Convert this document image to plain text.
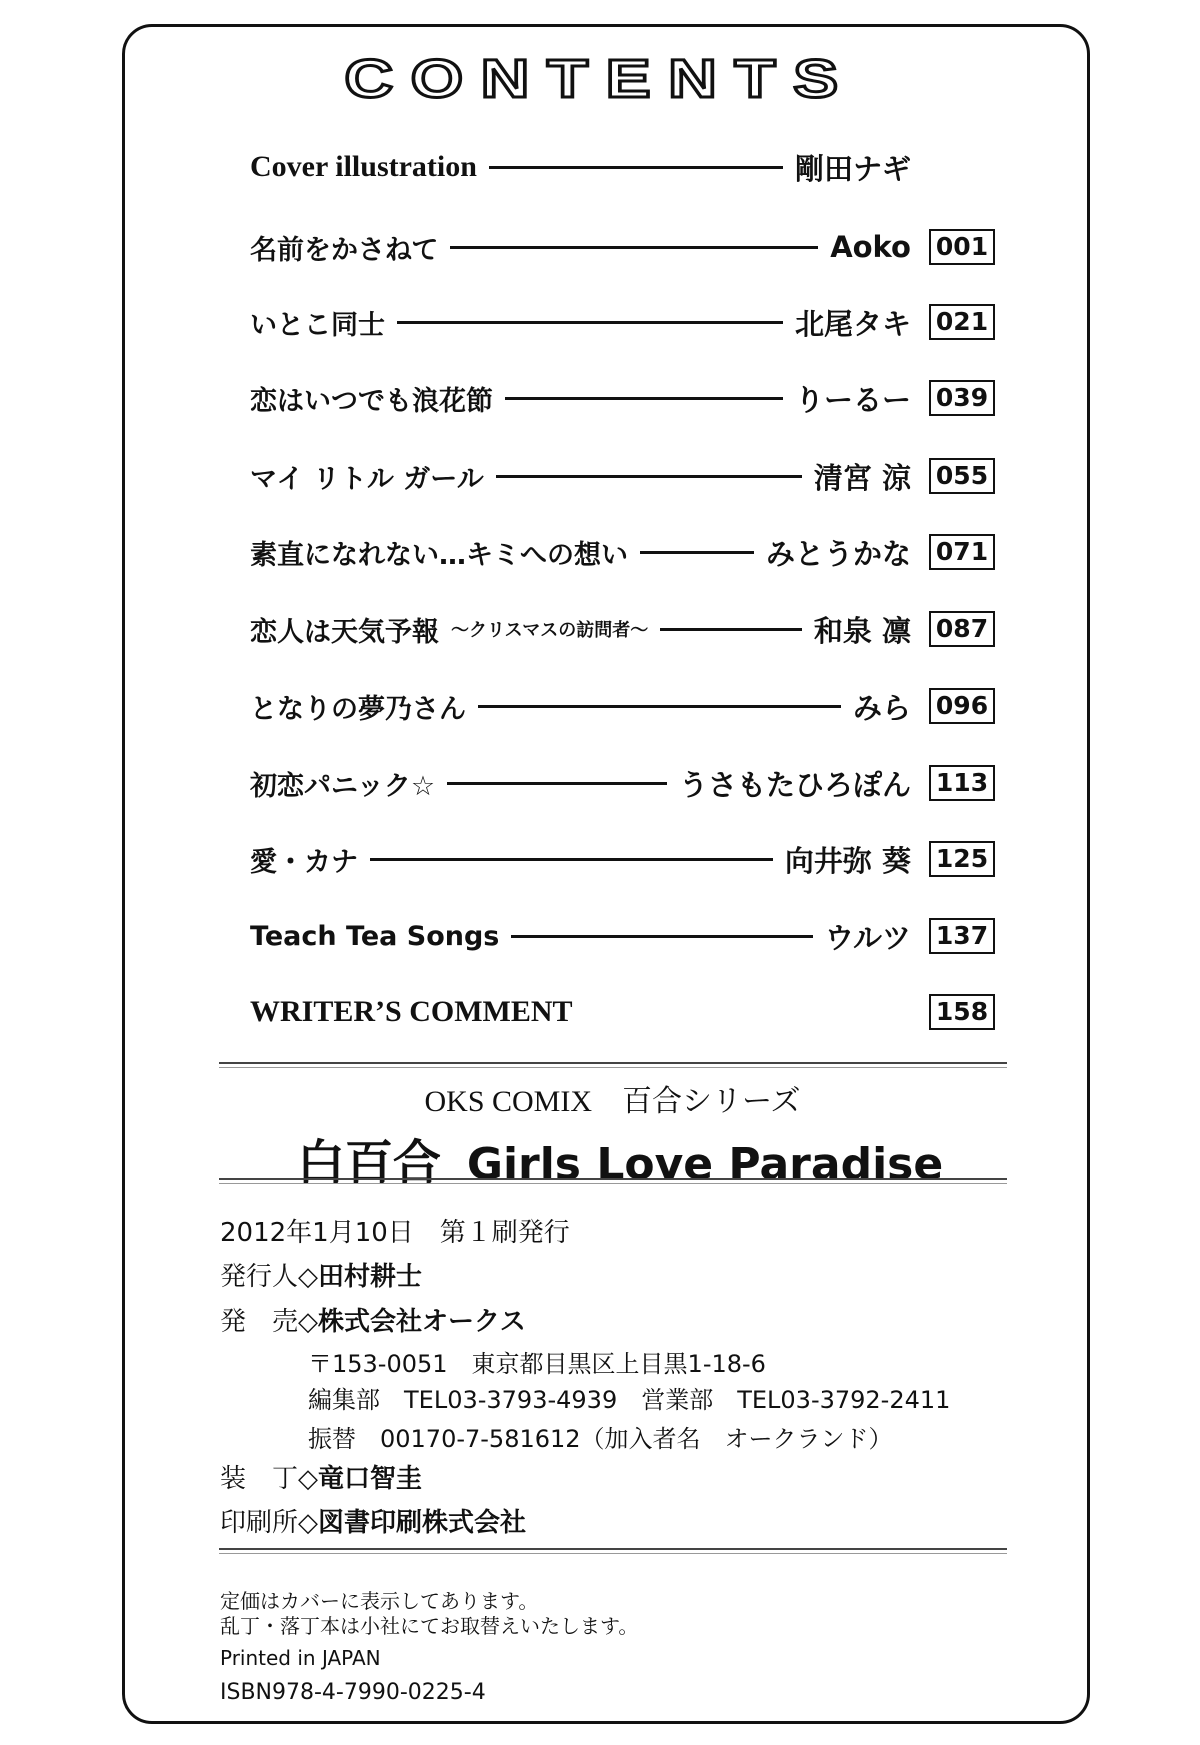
CONTENTS
Cover illustration	剛田ナギ
名前をかさねて	Aoko 001
いとこ同士	北尾タキ 021
恋はいつでも浪花節	りーるー 039
マイ リトル ガール	清宮 涼 055
素直になれない…キミへの想い	みとうかな 071
恋人は天気予報 ～クリスマスの訪問者～	和泉 凛 087
となりの夢乃さん	みら 096
初恋パニック☆	うさもたひろぽん 113
愛・カナ	向井弥 葵 125
Teach Tea Songs	ウルツ 137
WRITER’S COMMENT	158
OKS COMIX　百合シリーズ
白百合 Girls Love Paradise
2012年1月10日　第１刷発行
発行人◇田村耕士
発　売◇株式会社オークス
〒153-0051　東京都目黒区上目黒1-18-6
編集部　TEL03-3793-4939　営業部　TEL03-3792-2411
振替　00170-7-581612（加入者名　オークランド）
装　丁◇竜口智圭
印刷所◇図書印刷株式会社
定価はカバーに表示してあります。
乱丁・落丁本は小社にてお取替えいたします。
Printed in JAPAN
ISBN978-4-7990-0225-4
